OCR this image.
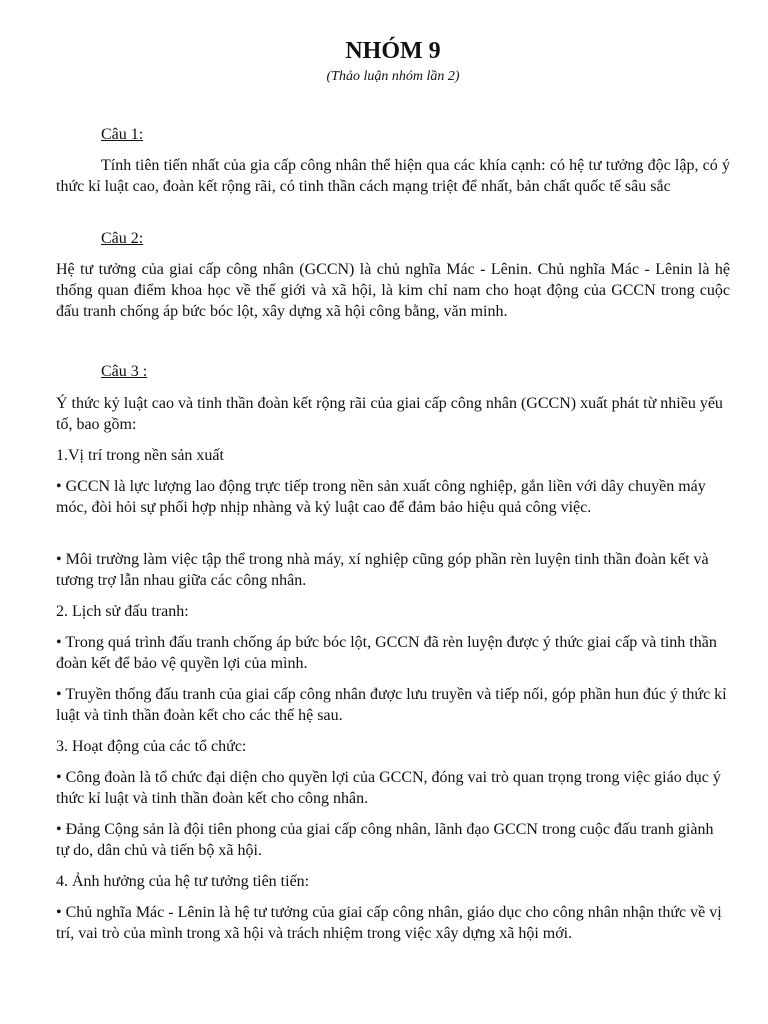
NHÓM 9
(Thảo luận nhóm lần 2)
Câu 1:

Tính tiên tiến nhất của gia cấp công nhân thể hiện qua các khía cạnh: có hệ tư tưởng độc lập, có ý thức kỉ luật cao, đoàn kết rộng rãi, có tinh thần cách mạng triệt để nhất, bản chất quốc tế sâu sắc

Câu 2:

Hệ tư tưởng của giai cấp công nhân (GCCN) là chủ nghĩa Mác - Lênin. Chủ nghĩa Mác - Lênin là hệ thống quan điểm khoa học về thế giới và xã hội, là kim chỉ nam cho hoạt động của GCCN trong cuộc đấu tranh chống áp bức bóc lột, xây dựng xã hội công bằng, văn minh.

Câu 3 :

Ý thức kỷ luật cao và tinh thần đoàn kết rộng rãi của giai cấp công nhân (GCCN) xuất phát từ nhiều yếu tố, bao gồm:

1.Vị trí trong nền sản xuất

• GCCN là lực lượng lao động trực tiếp trong nền sản xuất công nghiệp, gắn liền với dây chuyền máy móc, đòi hỏi sự phối hợp nhịp nhàng và kỷ luật cao để đảm bảo hiệu quả công việc.

• Môi trường làm việc tập thể trong nhà máy, xí nghiệp cũng góp phần rèn luyện tinh thần đoàn kết và tương trợ lẫn nhau giữa các công nhân.

2. Lịch sử đấu tranh:

• Trong quá trình đấu tranh chống áp bức bóc lột, GCCN đã rèn luyện được ý thức giai cấp và tinh thần đoàn kết để bảo vệ quyền lợi của mình.

• Truyền thống đấu tranh của giai cấp công nhân được lưu truyền và tiếp nối, góp phần hun đúc ý thức kỉ luật và tinh thần đoàn kết cho các thế hệ sau.

3. Hoạt động của các tổ chức:

• Công đoàn là tổ chức đại diện cho quyền lợi của GCCN, đóng vai trò quan trọng trong việc giáo dục ý thức kỉ luật và tinh thần đoàn kết cho công nhân.

• Đảng Cộng sản là đội tiên phong của giai cấp công nhân, lãnh đạo GCCN trong cuộc đấu tranh giành tự do, dân chủ và tiến bộ xã hội.

4. Ảnh hưởng của hệ tư tưởng tiên tiến:

• Chủ nghĩa Mác - Lênin là hệ tư tưởng của giai cấp công nhân, giáo dục cho công nhân nhận thức về vị trí, vai trò của mình trong xã hội và trách nhiệm trong việc xây dựng xã hội mới.
